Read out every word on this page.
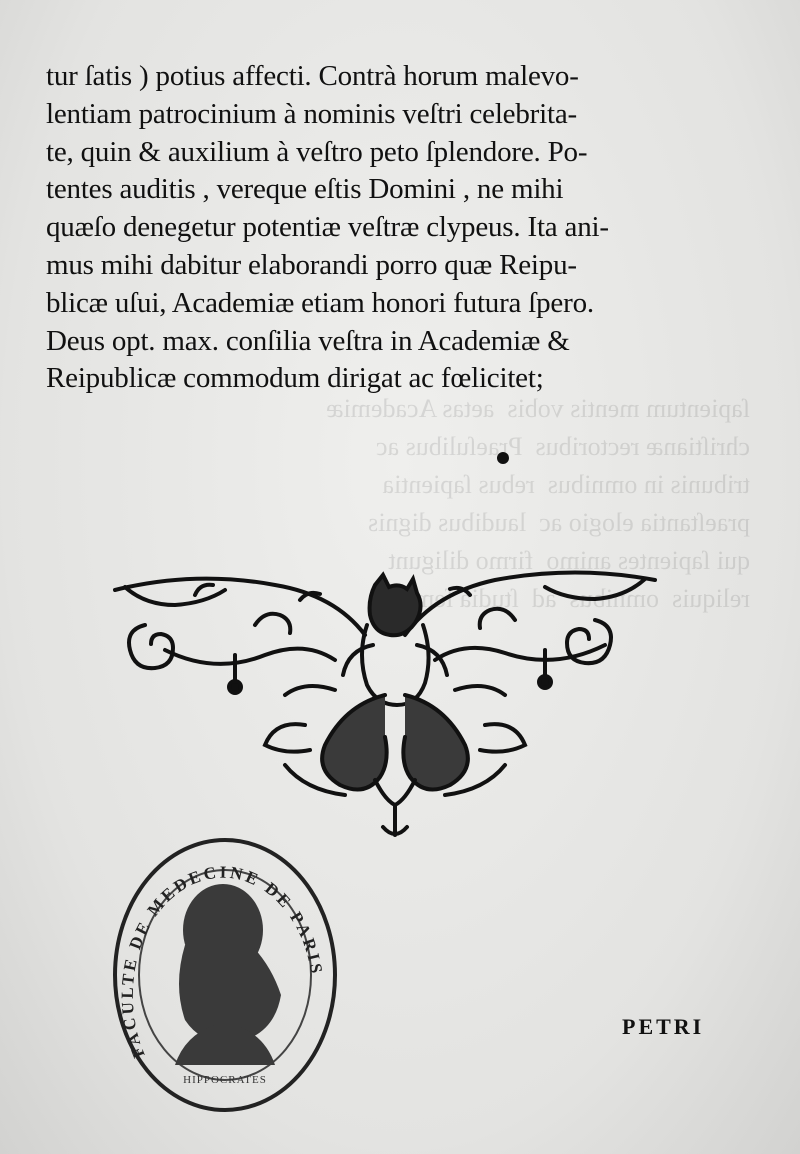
ſapientum mentis vobis  aetas Academiæ
chriſtianæ rectoribus  Praeſulibus ac
tribunis in omnibus  rebus ſapientia
praeſtantia elogio ac  laudibus dignis
qui ſapientes animo  firmo diligunt
reliquis  omnibus  ad  ſtudia
tur ſatis ) potius affecti. Contrà horum malevo-
lentiam patrocinium à nominis veſtri celebrita-
te, quin & auxilium à veſtro peto ſplendore. Po-
tentes auditis , vereque eſtis Domini , ne mihi
quæſo denegetur potentiæ veſtræ clypeus. Ita ani-
mus mihi dabitur elaborandi porro quæ Reipu-
blicæ uſui, Academiæ etiam honori futura ſpero.
Deus opt. max. conſilia veſtra in Academiæ &
Reipublicæ commodum dirigat ac fœlicitet;
FACULTE DE MEDECINE DE PARIS
HIPPOCRATES
PETRI
